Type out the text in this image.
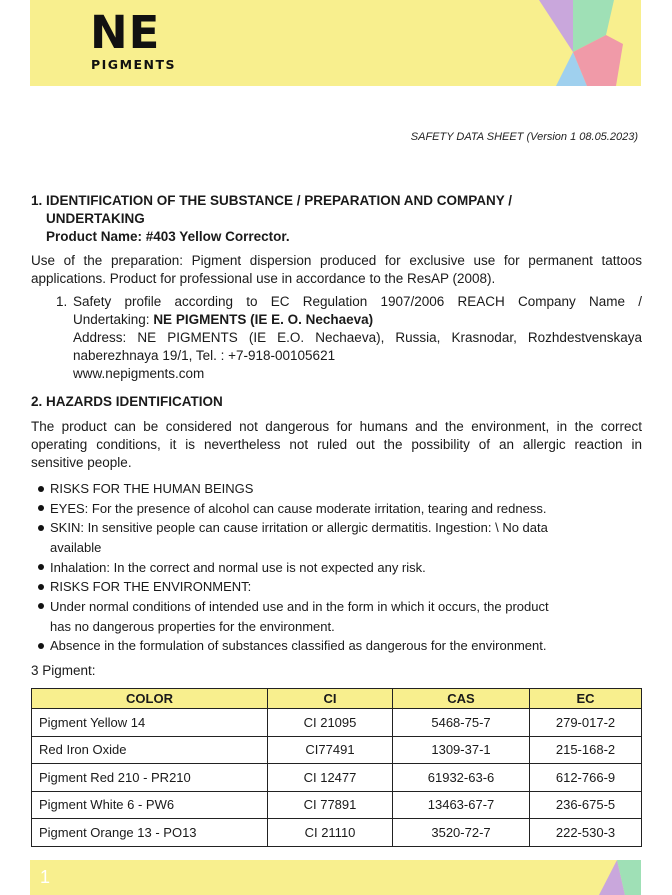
NE
PIGMENTS
SAFETY DATA SHEET (Version 1 08.05.2023)
1. IDENTIFICATION OF THE SUBSTANCE / PREPARATION AND COMPANY /
UNDERTAKING
Product Name: #403 Yellow Corrector.
Use of the preparation: Pigment dispersion produced for exclusive use for permanent tattoos
applications. Product for professional use in accordance to the ResAP (2008).
1. Safety profile according to EC Regulation 1907/2006 REACH Company Name /
Undertaking: NE PIGMENTS (IE E. O. Nechaeva)
Address: NE PIGMENTS (IE E.O. Nechaeva), Russia, Krasnodar, Rozhdestvenskaya
naberezhnaya 19/1, Tel. : +7-918-00105621
www.nepigments.com
2. HAZARDS IDENTIFICATION
The product can be considered not dangerous for humans and the environment, in the correct
operating conditions, it is nevertheless not ruled out the possibility of an allergic reaction in
sensitive people.
RISKS FOR THE HUMAN BEINGS
EYES: For the presence of alcohol can cause moderate irritation, tearing and redness.
SKIN: In sensitive people can cause irritation or allergic dermatitis. Ingestion: \ No data
available
Inhalation: In the correct and normal use is not expected any risk.
RISKS FOR THE ENVIRONMENT:
Under normal conditions of intended use and in the form in which it occurs, the product
has no dangerous properties for the environment.
Absence in the formulation of substances classified as dangerous for the environment.
3 Pigment:
COLOR	CI	CAS	EC
Pigment Yellow 14	CI 21095	5468-75-7	279-017-2
Red Iron Oxide	CI77491	1309-37-1	215-168-2
Pigment Red 210 - PR210	CI 12477	61932-63-6	612-766-9
Pigment White 6 - PW6	CI 77891	13463-67-7	236-675-5
Pigment Orange 13 - PO13	CI 21110	3520-72-7	222-530-3
1
